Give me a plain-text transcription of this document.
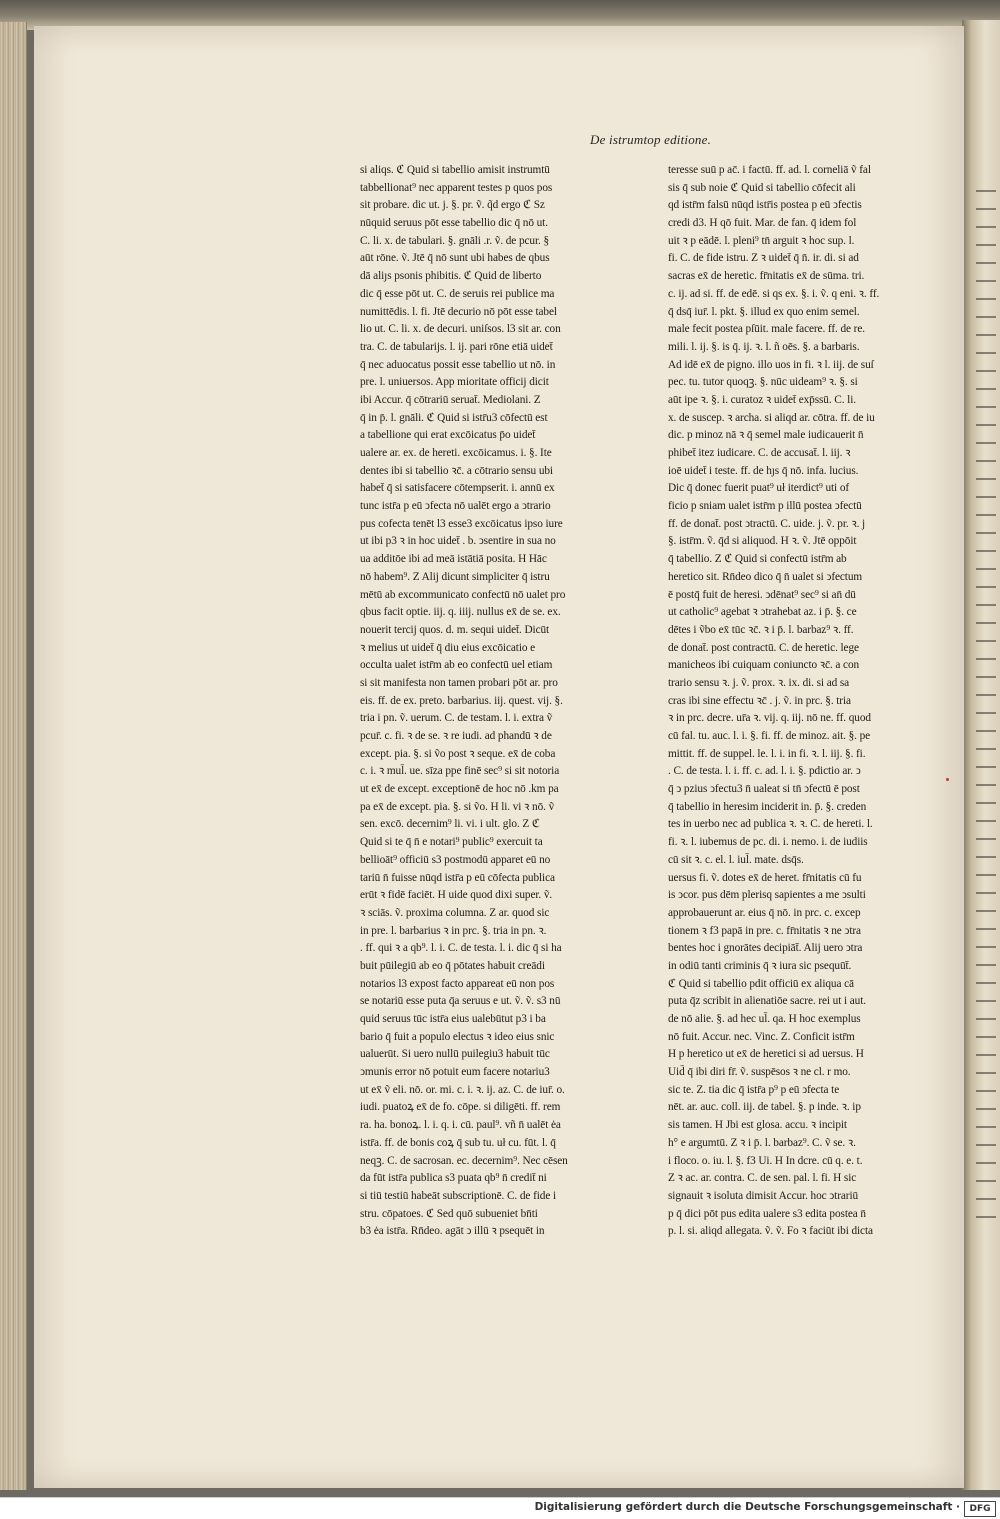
De istrumtop editione.
si aliqs. ℭ Quid si tabellio amisit instrumtū
tabbellionat⁹ nec apparent testes p quos pos
sit probare. dic ut. j. §. pr. ṽ. q̃d ergo ℭ Sz
nūquid seruus pōt esse tabellio dic q̄ nō ut.
C. li. x. de tabulari. §. gnāli .r. ṽ. de pcur. §
aūt rōne. ṽ. Jtē q̄ nō sunt ubi habes de qbus
dā aliȷs psonis phibitis. ℭ Quid de liberto
dic q̄ esse pōt ut. C. de seruis rei publice ma
numittēdis. l. fi. Jtē decurio nō pōt esse tabel
lio ut. C. li. x. de decuri. uniſsos. l3 sit ar. con
tra. C. de tabularijs. l. ij. pari rōne etiā uidet̄
q̄ nec aduocatus possit esse tabellio ut nō. in
pre. l. uniuersos. App mioritate officij dicit
ibi Accur. q̄ cōtrariū seruat̄. Mediolani. Z
q̄ in p̄. l. gnāli. ℭ Quid si istr̄u3 cōfectū est
a tabellione qui erat excōicatus p̄o uidet̄
ualere ar. ex. de hereti. excōicamus. i. §. Ite
dentes ibi si tabellio ꝛc̄. a cōtrario sensu ubi
habet̄ q̄ si satisfacere cōtempserit. i. annū ex
tunc istr̄a p eū ↄfecta nō ualēt ergo a ↄtrario
pus cofecta tenēt l3 esse3 excōicatus ipso iure
ut ibi p3 ꝛ in hoc uidet̄ . b. ↄsentire in sua no
ua additōe ibi ad meā istātiā posita. H Hāc
nō habem⁹. Z Alij dicunt simpliciter q̄ istru
mētū ab excommunicato confectū nō ualet pro
qbus facit optie. iij. q. iiij. nullus ex̄ de se. ex.
nouerit tercij quos. d. m. sequi uidet̄. Dicūt
ꝛ melius ut uidet̄ q̄ diu eius excōicatio e
occulta ualet istr̄m ab eo confectū uel etiam
si sit manifesta non tamen probari pōt ar. pro
eis. ff. de ex. preto. barbarius. iij. quest. vij. §.
tria i pn. ṽ. uerum. C. de testam. l. i. extra ṽ
pcur̄. c. fi. ꝛ de se. ꝛ re iudi. ad phandū ꝛ de
except. pia. §. si ṽo post ꝛ seque. ex̄ de coba
c. i. ꝛ mul̄. ue. sīza ppe finē sec⁹ si sit notoria
ut ex̄ de except. exceptionē de hoc nō .km pa
pa ex̄ de except. pia. §. si ṽo. H li. vi ꝛ nō. ṽ
sen. excō. decernim⁹ li. vi. i ult. glo. Z ℭ
Quid si te q̄ n̄ e notari⁹ public⁹ exercuit ta
bellioāt⁹ officiū s3 postmodū apparet eū no
tariū n̄ fuisse nūqd istr̄a p eū cōfecta publica
erūt ꝛ fidē faciēt. H uide quod dixi super. ṽ.
ꝛ sciās. ṽ. proxima columna. Z ar. quod sic
in pre. l. barbarius ꝛ in prc. §. tria in pn. ꝛ.
. ff. qui ꝛ a qb⁹. l. i. C. de testa. l. i. dic q̄ si ha
buit pūilegiū ab eo q̄ pōtates habuit creādi
notarios l3 expost facto appareat eū non pos
se notariū esse puta q̄a seruus e ut. ṽ. ṽ. s3 nū
quid seruus tūc istr̄a eius ualebūtut p3 i ba
bario q̄ fuit a populo electus ꝛ ideo eius snic
ualuerūt. Si uero nullū puilegiu3 habuit tūc
ↄmunis error nō potuit eum facere notariu3
ut ex̄ ṽ eli. nō. or. mi. c. i. ꝛ. ij. az. C. de iur̄. o.
iudi. puatoꝝ ex̄ de fo. cōpe. si diligēti. ff. rem
ra. ha. bonoꝝ. l. i. q. i. cū. paul⁹. vñ n̄ ualēt ėa
istr̄a. ff. de bonis coꝝ q̄ sub tu. uł cu. fūt. l. q̄
neqꝫ. C. de sacrosan. ec. decernim⁹. Nec cēsen
da fūt istr̄a publica s3 puata qb⁹ n̄ credit̄ ni
si tiū testiū habeāt subscriptionē. C. de fide i
stru. cōpatoes. ℭ Sed quō subueniet bn̄ti
b3 ėa istr̄a. Rn̄deo. agāt ↄ illū ꝛ psequēt in
teresse suū p ac̄. i factū. ff. ad. l. corneliā ṽ fal
sis q̄ sub noie ℭ Quid si tabellio cōfecit ali
qd istr̄m falsū nūqd istr̄is postea p eū ↄfectis
credi d3. H qō fuit. Mar. de fan. q̄ idem fol
uit ꝛ p eādē. l. pleni⁹ tn̄ arguit ꝛ hoc sup. l.
fi. C. de fide istru. Z ꝛ uidet̄ q̄ n̄. ir. di. si ad
sacras ex̄ de heretic. fr̄nitatis ex̄ de sūma. tri.
c. ij. ad si. ff. de edē. si qs ex. §. i. ṽ. q eni. ꝛ. ff.
q̄ dsq̄ iur̄. l. pkt. §. illud ex quo enim semel.
male fecit postea pſūit. male facere. ff. de re.
mili. l. ij. §. is q̄. ij. ꝛ. l. ñ oēs. §. a barbaris.
Ad idē ex̄ de pigno. illo uos in fi. ꝛ l. iij. de suſ
pec. tu. tutor quoqꝫ. §. nūc uideam⁹ ꝛ. §. si
aūt ipe ꝛ. §. i. curatoz ꝛ uidet̄ exp̄ssū. C. li.
x. de suscep. ꝛ archa. si aliqd ar. cōtra. ff. de iu
dic. p minoz nā ꝛ q̄ semel male iudicauerit n̄
phibet̄ itez iudicare. C. de accusat̄. l. iij. ꝛ
ioē uidet̄ i teste. ff. de hȷs q̄ nō. infa. lucius.
Dic q̄ donec fuerit puat⁹ uł iterdict⁹ uti of
ficio p sniam ualet istr̄m p illū postea ↄfectū
ff. de donat̄. post ↄtractū. C. uide. j. ṽ. pr. ꝛ. j
§. istr̄m. ṽ. q̄d si aliquod. H ꝛ. ṽ. Jtē oppōit
q̄ tabellio. Z ℭ Quid si confectū istr̄m ab
heretico sit. Rn̄deo dico q̄ n̄ ualet si ↄfectum
ē postq̄ fuit de heresi. ↄdēnat⁹ sec⁹ si an̄ dū
ut catholic⁹ agebat ꝛ ↄtrahebat az. i p̄. §. ce
dētes i ṽbo ex̄ tūc ꝛc̄. ꝛ i p̄. l. barbaz⁹ ꝛ. ff.
de donat̄. post contractū. C. de heretic. lege
manicheos ibi cuiquam coniuncto ꝛc̄. a con
trario sensu ꝛ. j. ṽ. prox. ꝛ. ix. di. si ad sa
cras ibi sine effectu ꝛc̄ . j. ṽ. in prc. §. tria
ꝛ in prc. decre. ur̄a ꝛ. vij. q. iij. nō ne. ff. quod
cū fal. tu. auc. l. i. §. fi. ff. de minoz. ait. §. pe
mittit. ff. de suppel. le. l. i. in fi. ꝛ. l. iij. §. fi.
. C. de testa. l. i. ff. c. ad. l. i. §. pdictio ar. ↄ
q̄ ↄ pzius ↄfectu3 n̄ ualeat si tn̄ ↄfectū ē post
q̄ tabellio in heresim inciderit in. p̄. §. creden
tes in uerbo nec ad publica ꝛ. ꝛ. C. de hereti. l.
fi. ꝛ. l. iubemus de pc. di. i. nemo. i. de iudiis
cū sit ꝛ. c. el. l. iul̄. mate. dsq̄s.
uersus fi. ṽ. dotes ex̄ de heret. fr̄nitatis cū fu
is ↄcor. pus dēm plerisq sapientes a me ↄsulti
approbauerunt ar. eius q̄ nō. in prc. c. excep
tionem ꝛ f3 papā in pre. c. fr̄nitatis ꝛ ne ↄtra
bentes hoc i gnorātes decipiāt̄. Alij uero ↄtra
in odiū tanti criminis q̄ ꝛ iura sic psequūt̄.
ℭ Quid si tabellio pdit officiū ex aliqua cā
puta q̄z scribit in alienatiōe sacre. rei ut i aut.
de nō alie. §. ad hec ul̄. qa. H hoc exemplus
nō fuit. Accur. nec. Vinc. Z. Conficit istr̄m
H p heretico ut ex̄ de heretici si ad uersus. H
Uid̄ q̄ ibi diri fr̄. ṽ. suspēsos ꝛ ne cl. r mo.
sic te. Z. tia dic q̄ istr̄a p⁹ p eū ↄfecta te
nēt. ar. auc. coll. iij. de tabel. §. p inde. ꝛ. ip
sis tamen. H Jbi est glosa. accu. ꝛ incipit
h° e argumtū. Z ꝛ i p̄. l. barbaz⁹. C. ṽ se. ꝛ.
i floco. o. iu. l. §. f3 Ui. H In dcre. cū q. e. t.
Z ꝛ ac. ar. contra. C. de sen. pal. l. fi. H sic
signauit ꝛ isoluta dimisit Accur. hoc ↄtrariū
p q̄ dici pōt pus edita ualere s3 edita postea n̄
p. l. si. aliqd allegata. ṽ. ṽ. Fo ꝛ faciūt ibi dicta
Digitalisierung gefördert durch die Deutsche Forschungsgemeinschaft ·	DFG
